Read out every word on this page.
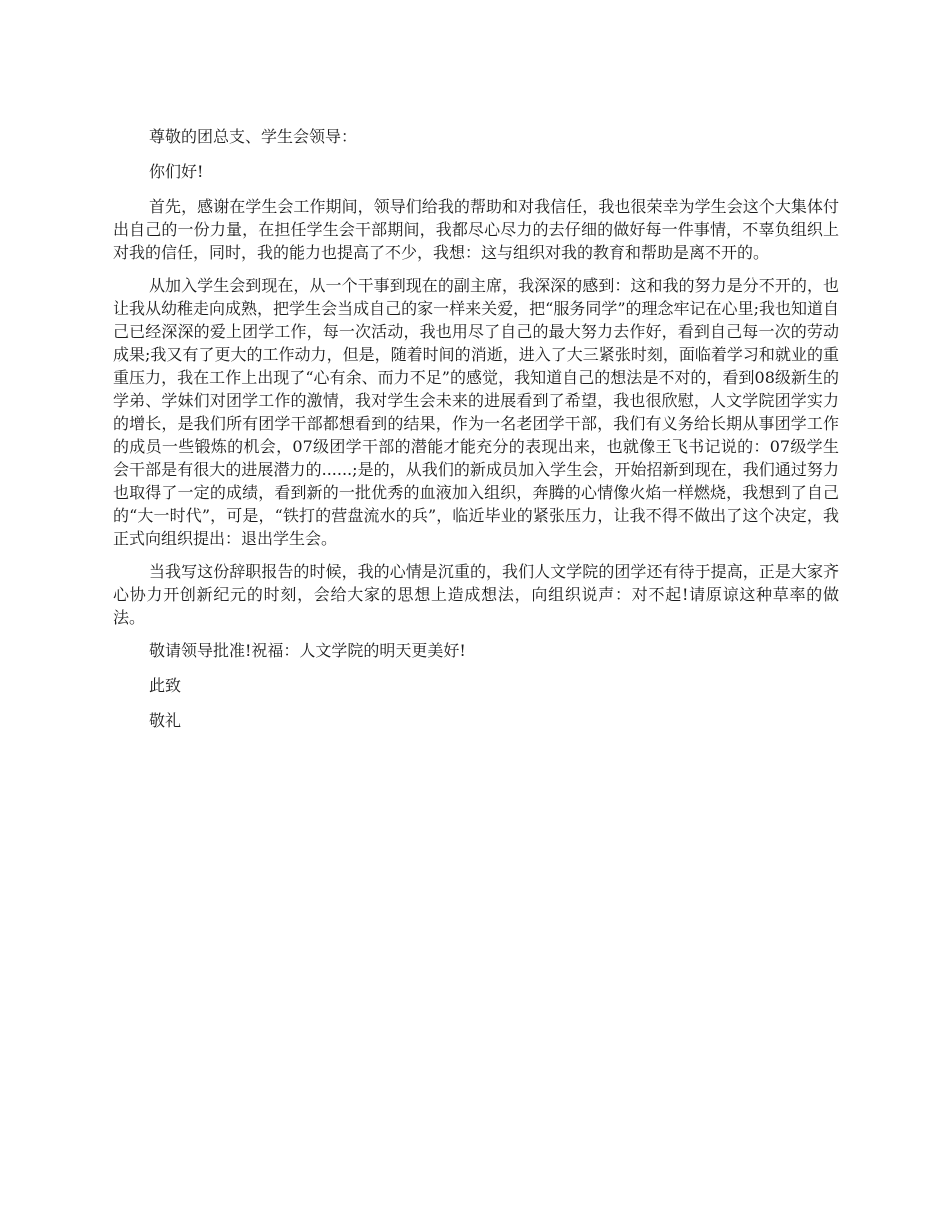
尊敬的团总支、学生会领导：

你们好!

首先，感谢在学生会工作期间，领导们给我的帮助和对我信任，我也很荣幸为学生会这个大集体付出自己的一份力量，在担任学生会干部期间，我都尽心尽力的去仔细的做好每一件事情，不辜负组织上对我的信任，同时，我的能力也提高了不少，我想：这与组织对我的教育和帮助是离不开的。

从加入学生会到现在，从一个干事到现在的副主席，我深深的感到：这和我的努力是分不开的，也让我从幼稚走向成熟，把学生会当成自己的家一样来关爱，把“服务同学”的理念牢记在心里;我也知道自己已经深深的爱上团学工作，每一次活动，我也用尽了自己的最大努力去作好，看到自己每一次的劳动成果;我又有了更大的工作动力，但是，随着时间的消逝，进入了大三紧张时刻，面临着学习和就业的重重压力，我在工作上出现了“心有余、而力不足”的感觉，我知道自己的想法是不对的，看到08级新生的学弟、学妹们对团学工作的激情，我对学生会未来的进展看到了希望，我也很欣慰，人文学院团学实力的增长，是我们所有团学干部都想看到的结果，作为一名老团学干部，我们有义务给长期从事团学工作的成员一些锻炼的机会，07级团学干部的潜能才能充分的表现出来，也就像王飞书记说的：07级学生会干部是有很大的进展潜力的......;是的，从我们的新成员加入学生会，开始招新到现在，我们通过努力也取得了一定的成绩，看到新的一批优秀的血液加入组织，奔腾的心情像火焰一样燃烧，我想到了自己的“大一时代”，可是，“铁打的营盘流水的兵”，临近毕业的紧张压力，让我不得不做出了这个决定，我正式向组织提出：退出学生会。

当我写这份辞职报告的时候，我的心情是沉重的，我们人文学院的团学还有待于提高，正是大家齐心协力开创新纪元的时刻，会给大家的思想上造成想法，向组织说声：对不起!请原谅这种草率的做法。

敬请领导批准!祝福：人文学院的明天更美好!

此致

敬礼
